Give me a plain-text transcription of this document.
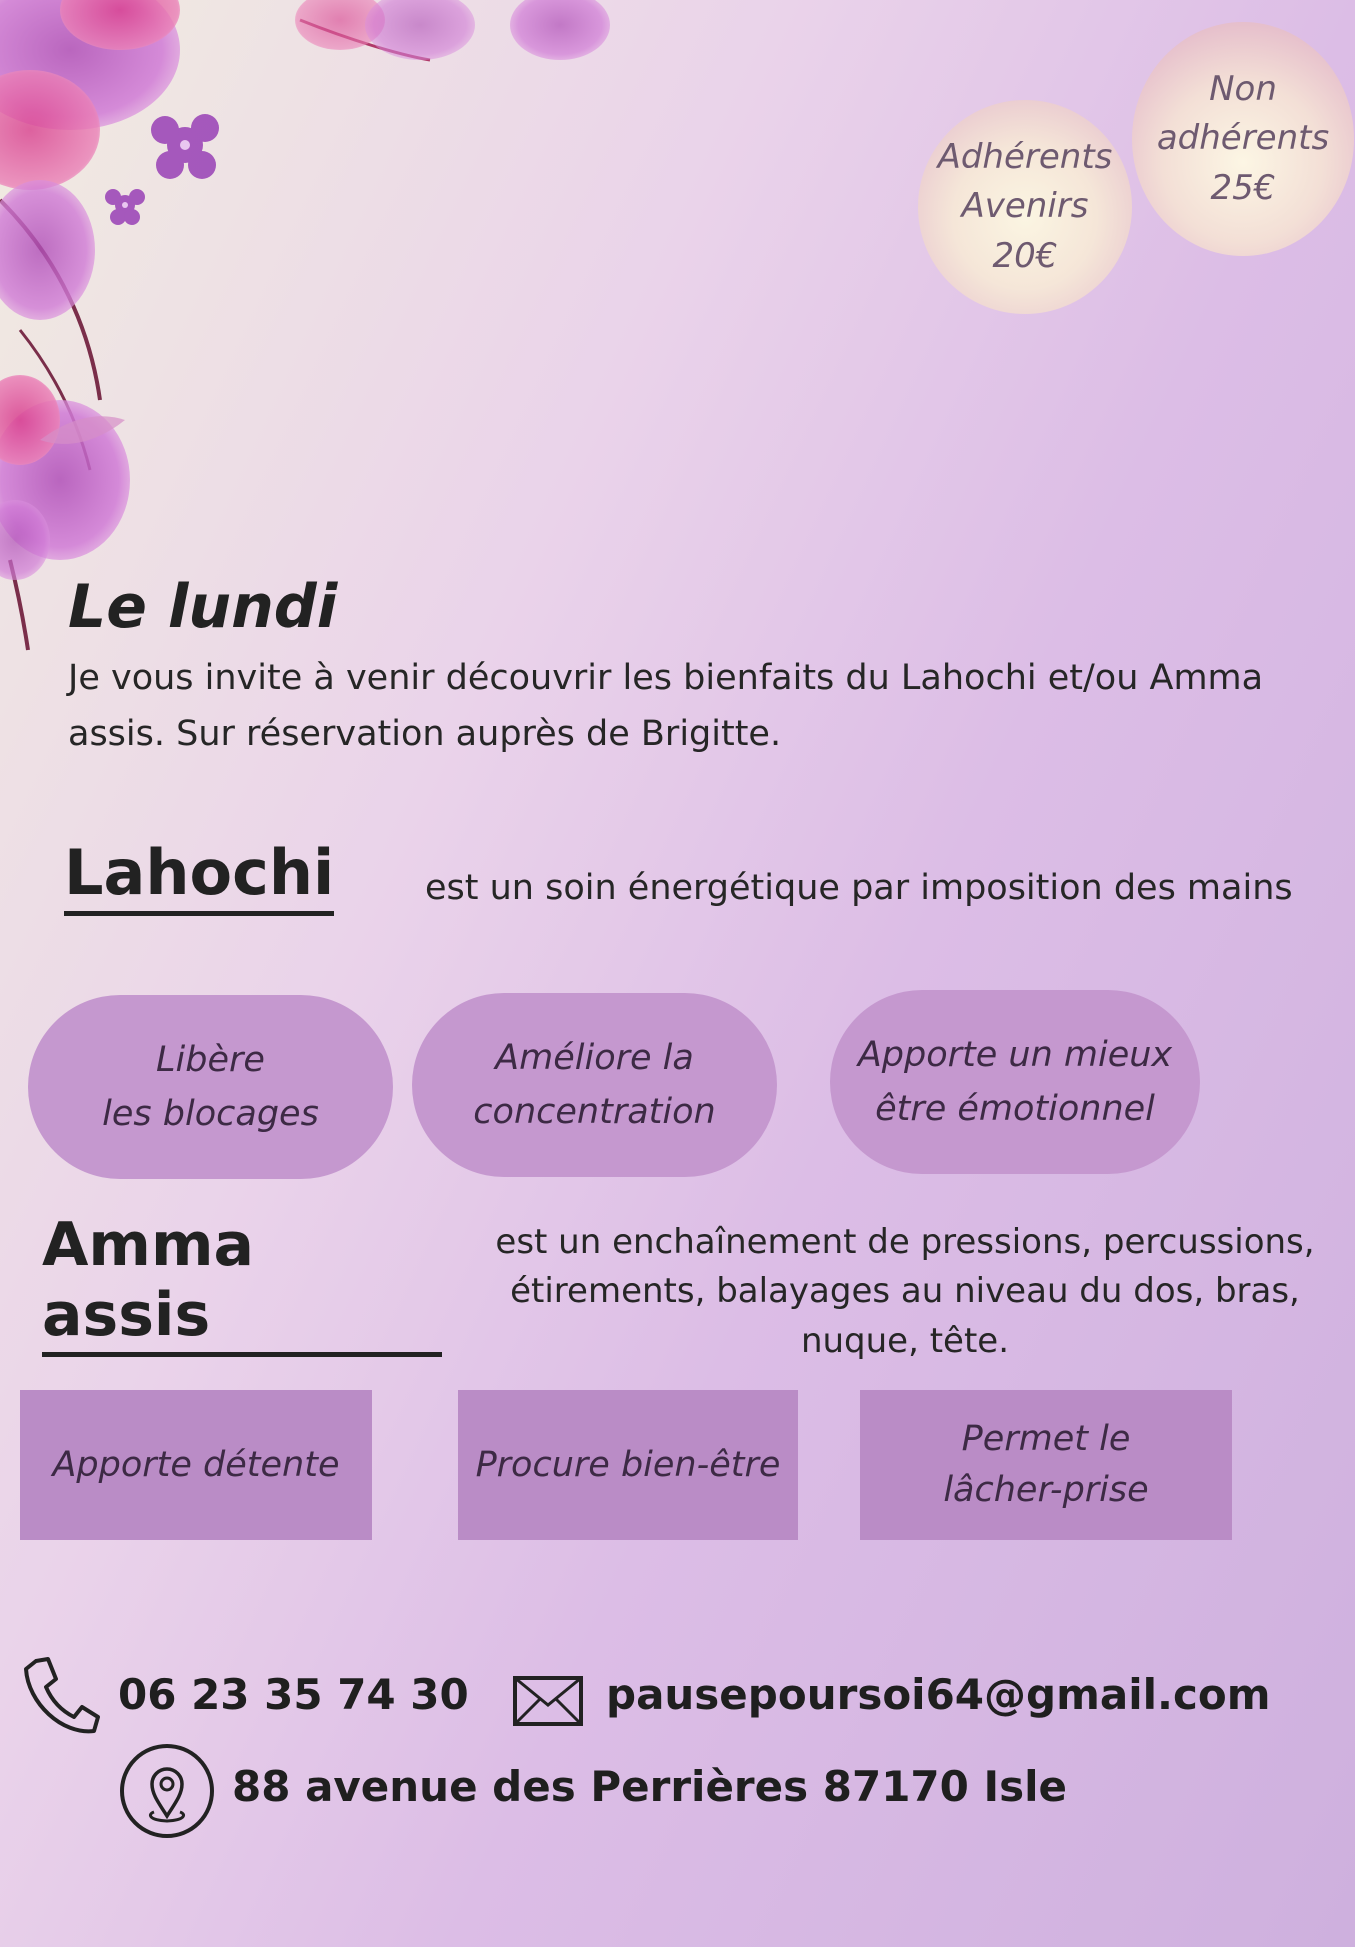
Adhérents
Avenirs
20€
Non
adhérents
25€
Le lundi
Je vous invite à venir découvrir les bienfaits du Lahochi et/ou Amma
assis. Sur réservation auprès de Brigitte.
Lahochi	est un soin énergétique par imposition des mains
Libère
les blocages
Améliore la
concentration
Apporte un mieux
être émotionnel
Amma assis
est un enchaînement de pressions, percussions,
étirements, balayages au niveau du dos, bras,
nuque, tête.
Apporte détente	Procure bien-être
Permet le
lâcher-prise
06 23 35 74 30	pausepoursoi64@gmail.com
88 avenue des Perrières 87170 Isle
